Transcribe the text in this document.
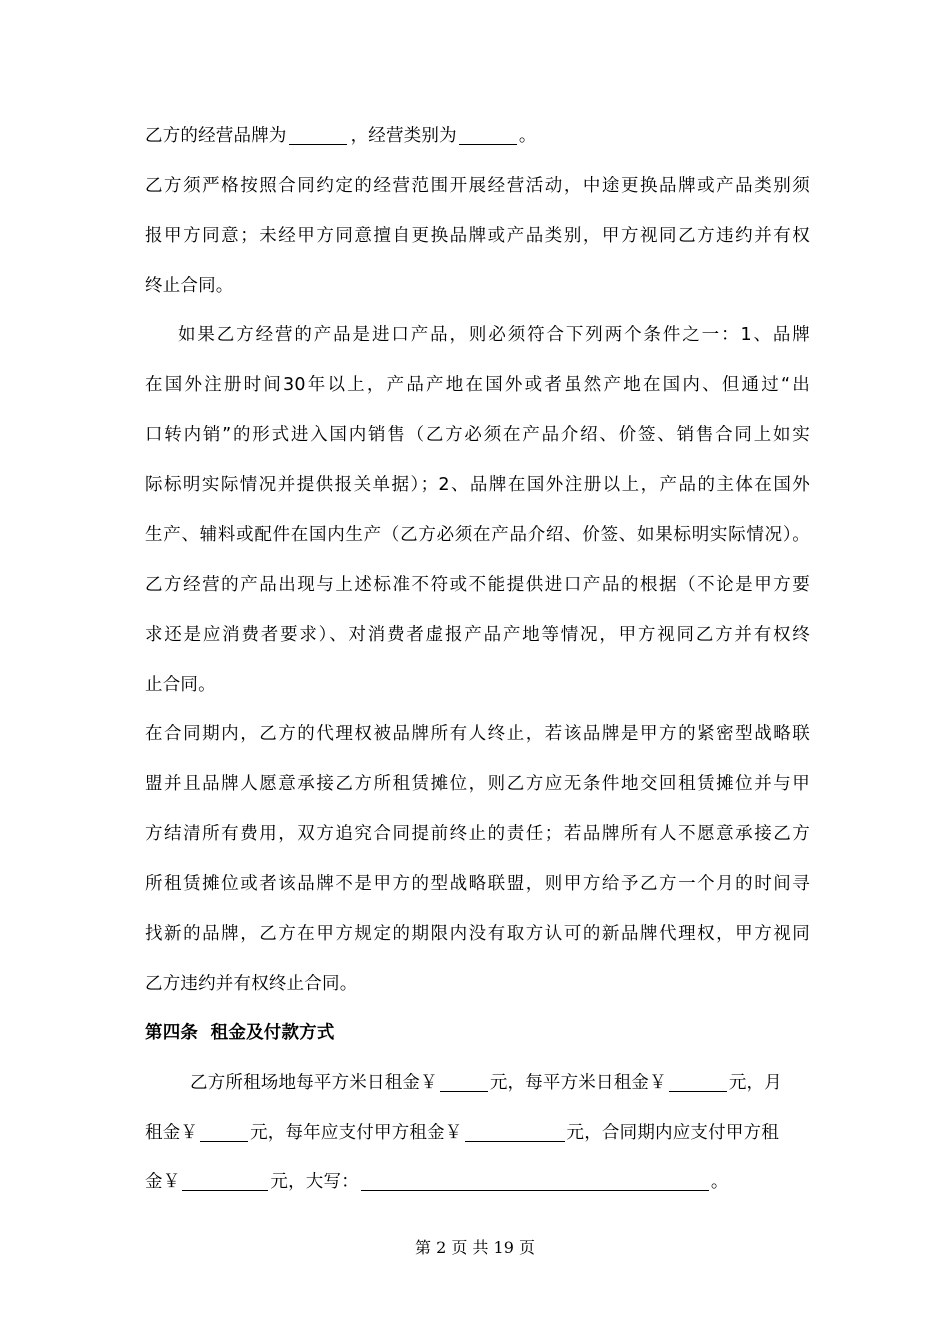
乙方的经营品牌为	，经营类别为	。
乙方须严格按照合同约定的经营范围开展经营活动，中途更换品牌或产品类别须
报甲方同意；未经甲方同意擅自更换品牌或产品类别，甲方视同乙方违约并有权
终止合同。
如果乙方经营的产品是进口产品，则必须符合下列两个条件之一：1、品牌
在国外注册时间30年以上，产品产地在国外或者虽然产地在国内、但通过“出
口转内销”的形式进入国内销售（乙方必须在产品介绍、价签、销售合同上如实
际标明实际情况并提供报关单据）；2、品牌在国外注册以上，产品的主体在国外
生产、辅料或配件在国内生产（乙方必须在产品介绍、价签、如果标明实际情况）。
乙方经营的产品出现与上述标准不符或不能提供进口产品的根据（不论是甲方要
求还是应消费者要求）、对消费者虚报产品产地等情况，甲方视同乙方并有权终
止合同。
在合同期内，乙方的代理权被品牌所有人终止，若该品牌是甲方的紧密型战略联
盟并且品牌人愿意承接乙方所租赁摊位，则乙方应无条件地交回租赁摊位并与甲
方结清所有费用，双方追究合同提前终止的责任；若品牌所有人不愿意承接乙方
所租赁摊位或者该品牌不是甲方的型战略联盟，则甲方给予乙方一个月的时间寻
找新的品牌，乙方在甲方规定的期限内没有取方认可的新品牌代理权，甲方视同
乙方违约并有权终止合同。
第四条  租金及付款方式
乙方所租场地每平方米日租金￥	元，每平方米日租金￥	元，月
租金￥	元，每年应支付甲方租金￥	元，合同期内应支付甲方租
金￥	元，大写：	。
第 2 页 共 19 页
